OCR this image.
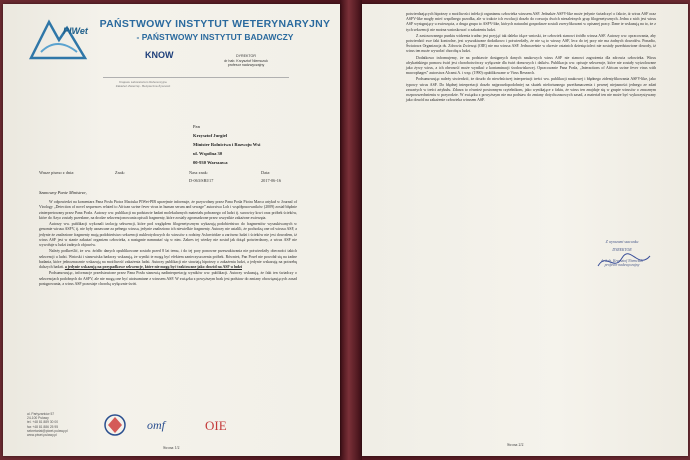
PIWet
PAŃSTWOWY INSTYTUT WETERYNARYJNY
- PAŃSTWOWY INSTYTUT BADAWCZY
KNOW	DYREKTOR
dr hab. Krzysztof Niemczuk
profesor nadzwyczajny
Krajowe Laboratorium Referencyjne
Zakażeń Zwierząt - Bezpieczna Żywność
Pan
Krzysztof Jurgiel
Minister Rolnictwa i Rozwoju Wsi
ul. Wspólna 30
00-930 Warszawa
Wasze pismo z dnia:	Znak:	Nasz znak:
D-063/SRI/17
Data:
2017-06-16
Szanowny Panie Ministrze,

W odpowiedzi na komentarz Pana Posła Piotra Maciuka PIWet-PIB uprzejmie informuje, że przywołany przez Pana Posła Piotra Marca artykuł w Journal of Virology „Detection of novel sequences related to African swine fever virus in human serum and sewage” autorstwa Loh i współpracowników (2009) został błędnie zinterpretowany przez Pana Posła. Autorzy ww. publikacji na podstawie badań molekularnych materiału pobranego od ludzi tj. surowicy krwi oraz próbek ścieków, które do Azyo zostały przesłane, na drodze sekwencjonowania opisali fragmenty, które zostały zgromadzone przez wszystkie zakażone zwierzęta.

Autorzy ww. publikacji wykonali izolację sekwencji, które pod względem filogenetycznym wykazują podobieństwo do fragmentów wyszukiwanych w genomie wirusa ASFV, tj. nie były uznawane za pełnego wirusa, jedynie znaleziono ich niewielkie fragmenty. Autorzy nie ustalili, że pochodzą one od wirusa ASF, a jedynie że znalezione fragmenty mają podobieństwo sekwencji nukleotydowych do wirusów z rodziny Asfarviridae u zarówno ludzi i ścieków nie jest dowodem, iż wirus ASF jest w stanie zakażać organizm człowieka, a następnie namnażać się w nim. Zakres tej wiedzy nie został jak dotąd potwierdzony, a wirus ASF nie wywołuje u ludzi żadnych objawów.

Należy podkreślić, że ww. źródło danych opublikowane zostało przed 8 lat temu, i do tej pory ponowne przeszukiwania nie potwierdziły obecności takich sekwencji u ludzi. Wnioski i stanowiska badaczy wskazują, że wyniki te mogą być efektem zanieczyszczenia próbek. Również, Pan Poseł nie powołał się na żadne badania, które jednoznacznie wskazują na możliwość zakażenia ludzi. Autorzy publikacji nie stawiają hipotezy o zakażeniu ludzi, a jedynie wskazują na potrzebę dalszych badań. a jedynie wskazują na przypadkowe sekwencje, które nie mogą być traktowane jako dowód na ASF u ludzi

Podsumowując, informacje przedstawione przez Pana Posła stanowią nadinterpretację wyników ww. publikacji. Autorzy wskazują, że fakt ten świadczy o sekwencjach podobnych do ASFV, ale nie mogą one być utożsamiane z wirusem ASF. W związku z powyższym brak jest podstaw do zmiany obowiązujących zasad postępowania, a wirus ASF pozostaje chorobą wyłącznie świń.

al. Partyzantów 57
24-100 Puławy
tel. +48 81 889 30 00
fax +48 81 886 25 95
sekretariat@piwet.pulawy.pl
www.piwet.pulawy.pl
omf	OIE
Strona 1/2

potwierdzających hipotezy o możliwości infekcji organizmu człowieka wirusem ASF. Jednakże ASFV-like może jedynie świadczyć o fakcie, iż wirus ASF oraz ASFV-like mogły mieć wspólnego przodka, ale w trakcie ich ewolucji doszło do rozwoju dwóch niezależnych grup filogenetycznych. Jedna z nich jest wirus ASF występujący u zwierzęcia, a druga grupa to ASFV-like, których naturalni gospodarze zostali zweryfikowani w opisanej pracy. Dane te wskazują na to, że z tych sekwencji nie można wnioskować o zakażeniu ludzi.

Z zastosowanego punktu widzenia trudno jest przyjąć tak daleko idące wnioski, że człowiek stanowi źródło wirusa ASF. Autorzy ww. opracowania, aby potwierdzić swe fakt kontrolne, jest wyszukiwane dodatkowo i potwierdziły, że nie są to wirusy ASF, lecz do tej pory nie ma żadnych dowodów. Ponadto, Światowa Organizacja ds. Zdrowia Zwierząt (OIE) nie ma wirusa ASF. Jednocześnie w okresie ostatnich dziesięcioleci nie zostały przedstawione dowody, iż wirus ten może wywołać chorobę u ludzi.

Dodatkowo informujemy, że na podstawie dostępnych danych naukowych wirus ASF nie stanowi zagrożenia dla zdrowia człowieka. Wirus afrykańskiego pomoru świń jest chorobotwórczy wyłącznie dla świń domowych i dzików. Publikacja ww. opisuje sekwencje, które nie zostały wyizolowane jako żywy wirus, a ich obecność może wynikać z kontaminacji środowiskowej. Opracowanie Pana Posła, „Interactions of African swine fever virus with macrophages” autorstwa Alcami A. i wsp. (1990) opublikowane w Virus Research.

Podsumowując należy stwierdzić, że doszło do niewłaściwej interpretacji treści ww. publikacji naukowej i błędnego zidentyfikowania ASFV-like, jako typowy wirus ASF. Do błędnej interpretacji doszło najprawdopodobniej na skutek niefortunnego przetłumaczenia i pewnej niejasności jednego ze zdań zawartych w treści artykułu. Zdarza to również postronnym czytelnikom, jako wynikające z faktu, że wirus ten znajduje się w grupie wirusów o znacznym rozpowszechnieniu w przyrodzie. W związku z powyższym nie ma podstaw do zmiany dotychczasowych zasad, a materiał ten nie może być wykorzystywany jako dowód na zakażenie człowieka wirusem ASF.

Z wyrazami szacunku
DYREKTOR
dr hab. Krzysztof Niemczuk
profesor nadzwyczajny
Strona 2/2
